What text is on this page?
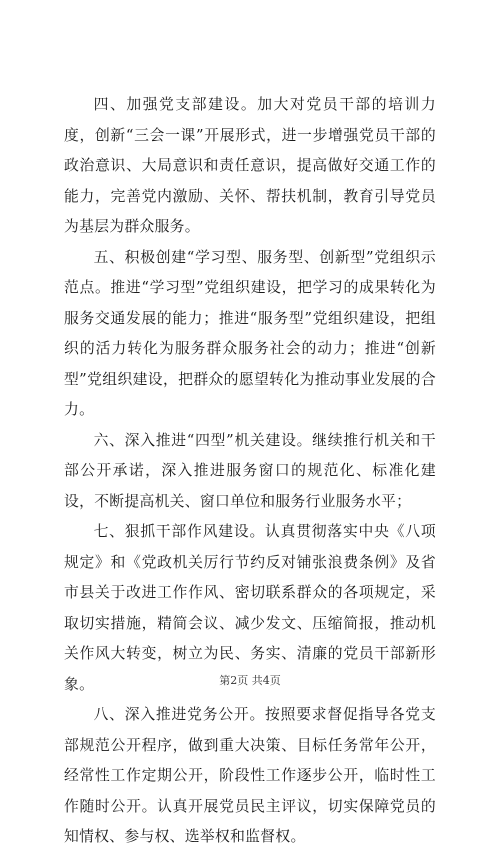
四、加强党支部建设。加大对党员干部的培训力度，创新“三会一课”开展形式，进一步增强党员干部的政治意识、大局意识和责任意识，提高做好交通工作的能力，完善党内激励、关怀、帮扶机制，教育引导党员为基层为群众服务。

五、积极创建“学习型、服务型、创新型”党组织示范点。推进“学习型”党组织建设，把学习的成果转化为服务交通发展的能力；推进“服务型”党组织建设，把组织的活力转化为服务群众服务社会的动力；推进“创新型”党组织建设，把群众的愿望转化为推动事业发展的合力。

六、深入推进“四型”机关建设。继续推行机关和干部公开承诺，深入推进服务窗口的规范化、标准化建设，不断提高机关、窗口单位和服务行业服务水平；

七、狠抓干部作风建设。认真贯彻落实中央《八项规定》和《党政机关厉行节约反对铺张浪费条例》及省市县关于改进工作作风、密切联系群众的各项规定，采取切实措施，精简会议、减少发文、压缩简报，推动机关作风大转变，树立为民、务实、清廉的党员干部新形象。

八、深入推进党务公开。按照要求督促指导各党支部规范公开程序，做到重大决策、目标任务常年公开，经常性工作定期公开，阶段性工作逐步公开，临时性工作随时公开。认真开展党员民主评议，切实保障党员的知情权、参与权、选举权和监督权。

第2页 共4页
